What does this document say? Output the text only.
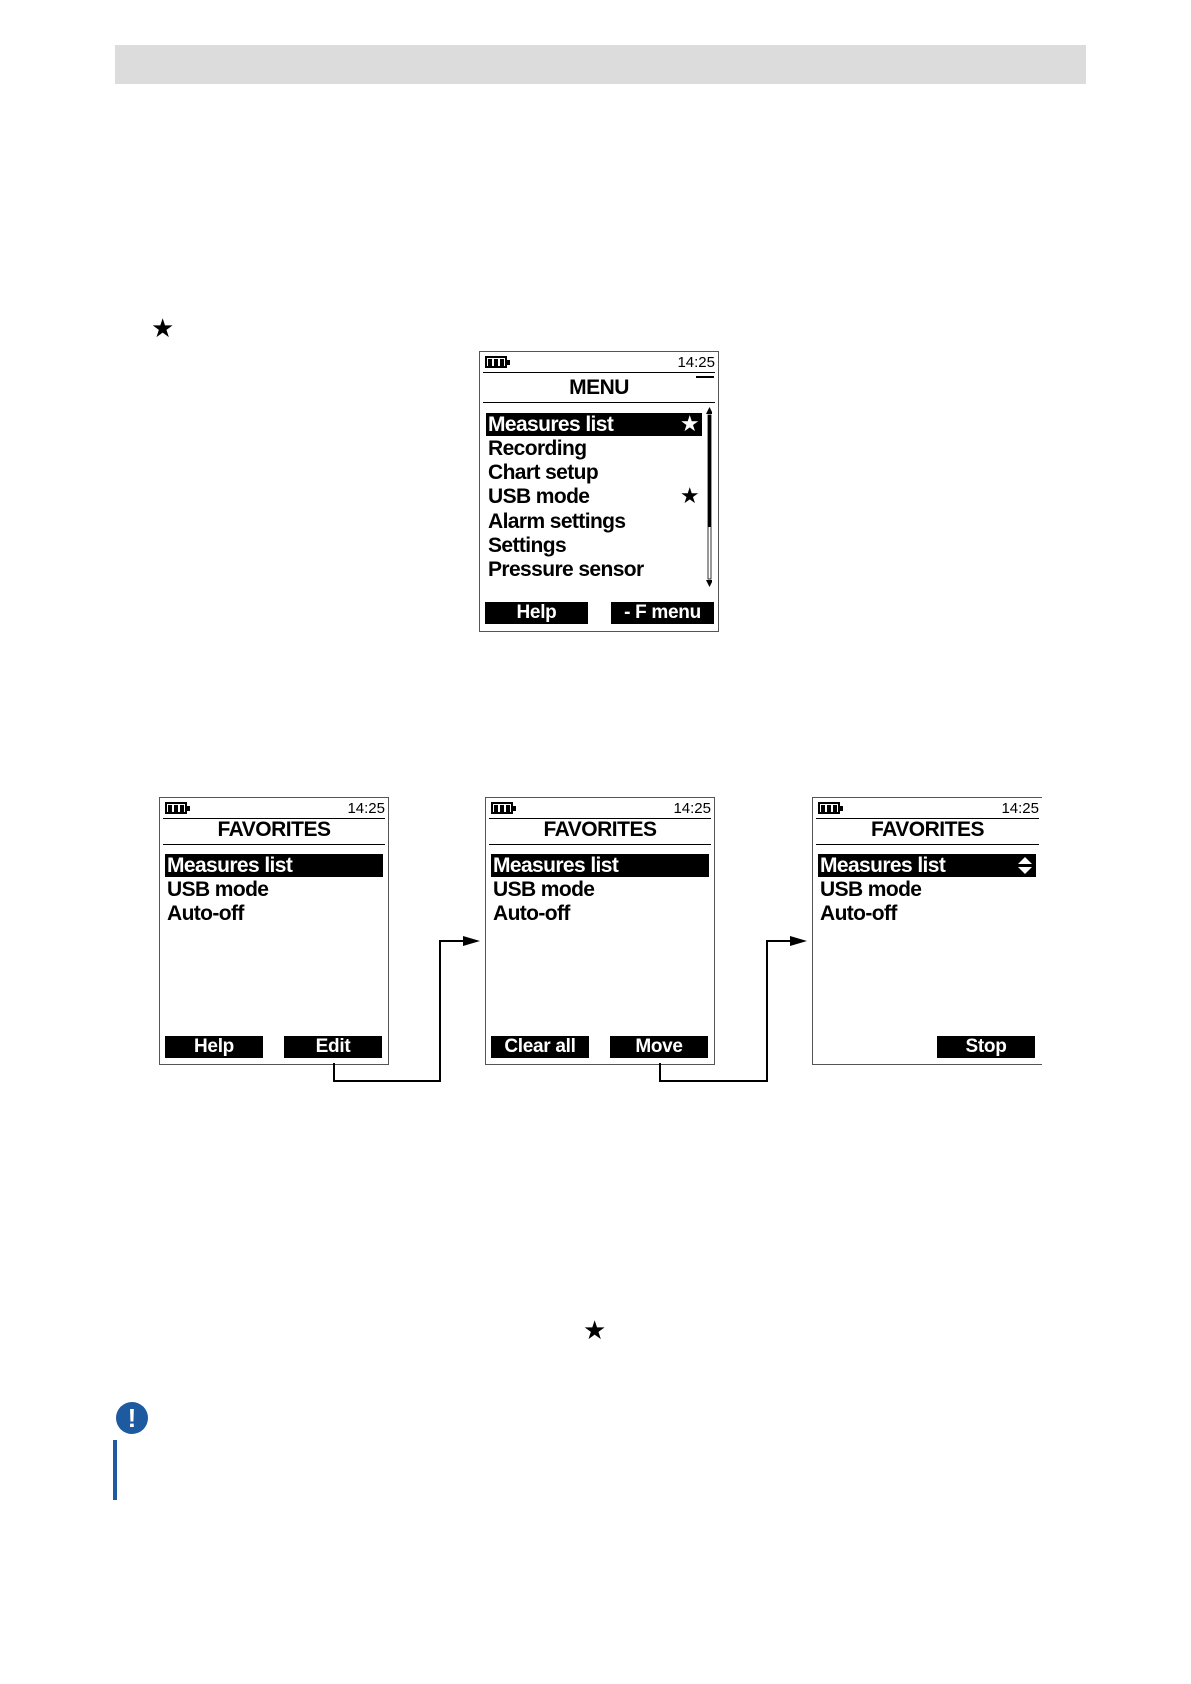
★
14:25
MENU
Measures list	★
Recording
Chart setup
USB mode	★
Alarm settings
Settings
Pressure sensor
Help	- F menu
14:25
FAVORITES
Measures list
USB mode
Auto-off
Help	Edit
14:25
FAVORITES
Measures list
USB mode
Auto-off
Clear all	Move
14:25
FAVORITES
Measures list
USB mode
Auto-off
Stop
★
!
